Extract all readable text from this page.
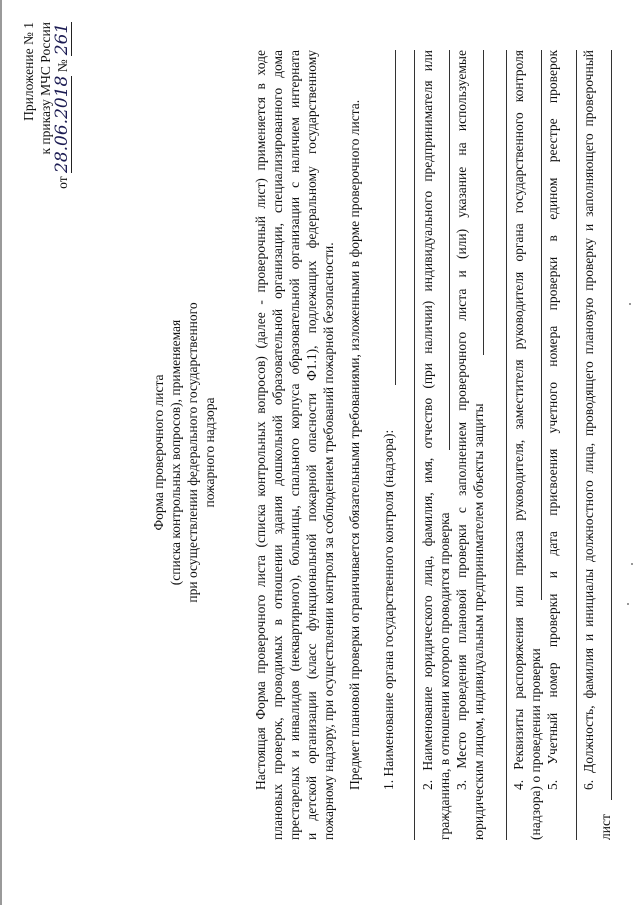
Приложение № 1 к приказу МЧС России
от 28.06.2018 № 261
Форма проверочного листа (списка контрольных вопросов), применяемая при осуществлении федерального государственного пожарного надзора	Настоящая Форма проверочного листа (списка контрольных вопросов) (далее - проверочный лист) применяется в ходе плановых проверок, проводимых в отношении здания дошкольной образовательной организации, специализированного дома престарелых и инвалидов (неквартирного), больницы, спального корпуса образовательной организации с наличием интерната и детской организации (класс функциональной пожарной опасности Ф1.1), подлежащих федеральному государственному пожарному надзору, при осуществлении контроля за соблюдением требований пожарной безопасности. Предмет плановой проверки ограничивается обязательными требованиями, изложенными в форме проверочного листа. 1. Наименование органа государственного контроля (надзора): 2. Наименование юридического лица, фамилия, имя, отчество (при наличии) индивидуального предпринимателя или гражданина, в отношении которого проводится проверка 3. Место проведения плановой проверки с заполнением проверочного листа и (или) указание на используемые юридическим лицом, индивидуальным предпринимателем объекты защиты 4. Реквизиты распоряжения или приказа руководителя, заместителя руководителя органа государственного контроля (надзора) о проведении проверки 5. Учетный номер проверки и дата присвоения учетного номера проверки в едином реестре проверок 6. Должность, фамилия и инициалы должностного лица, проводящего плановую проверку и заполняющего проверочный
лист
